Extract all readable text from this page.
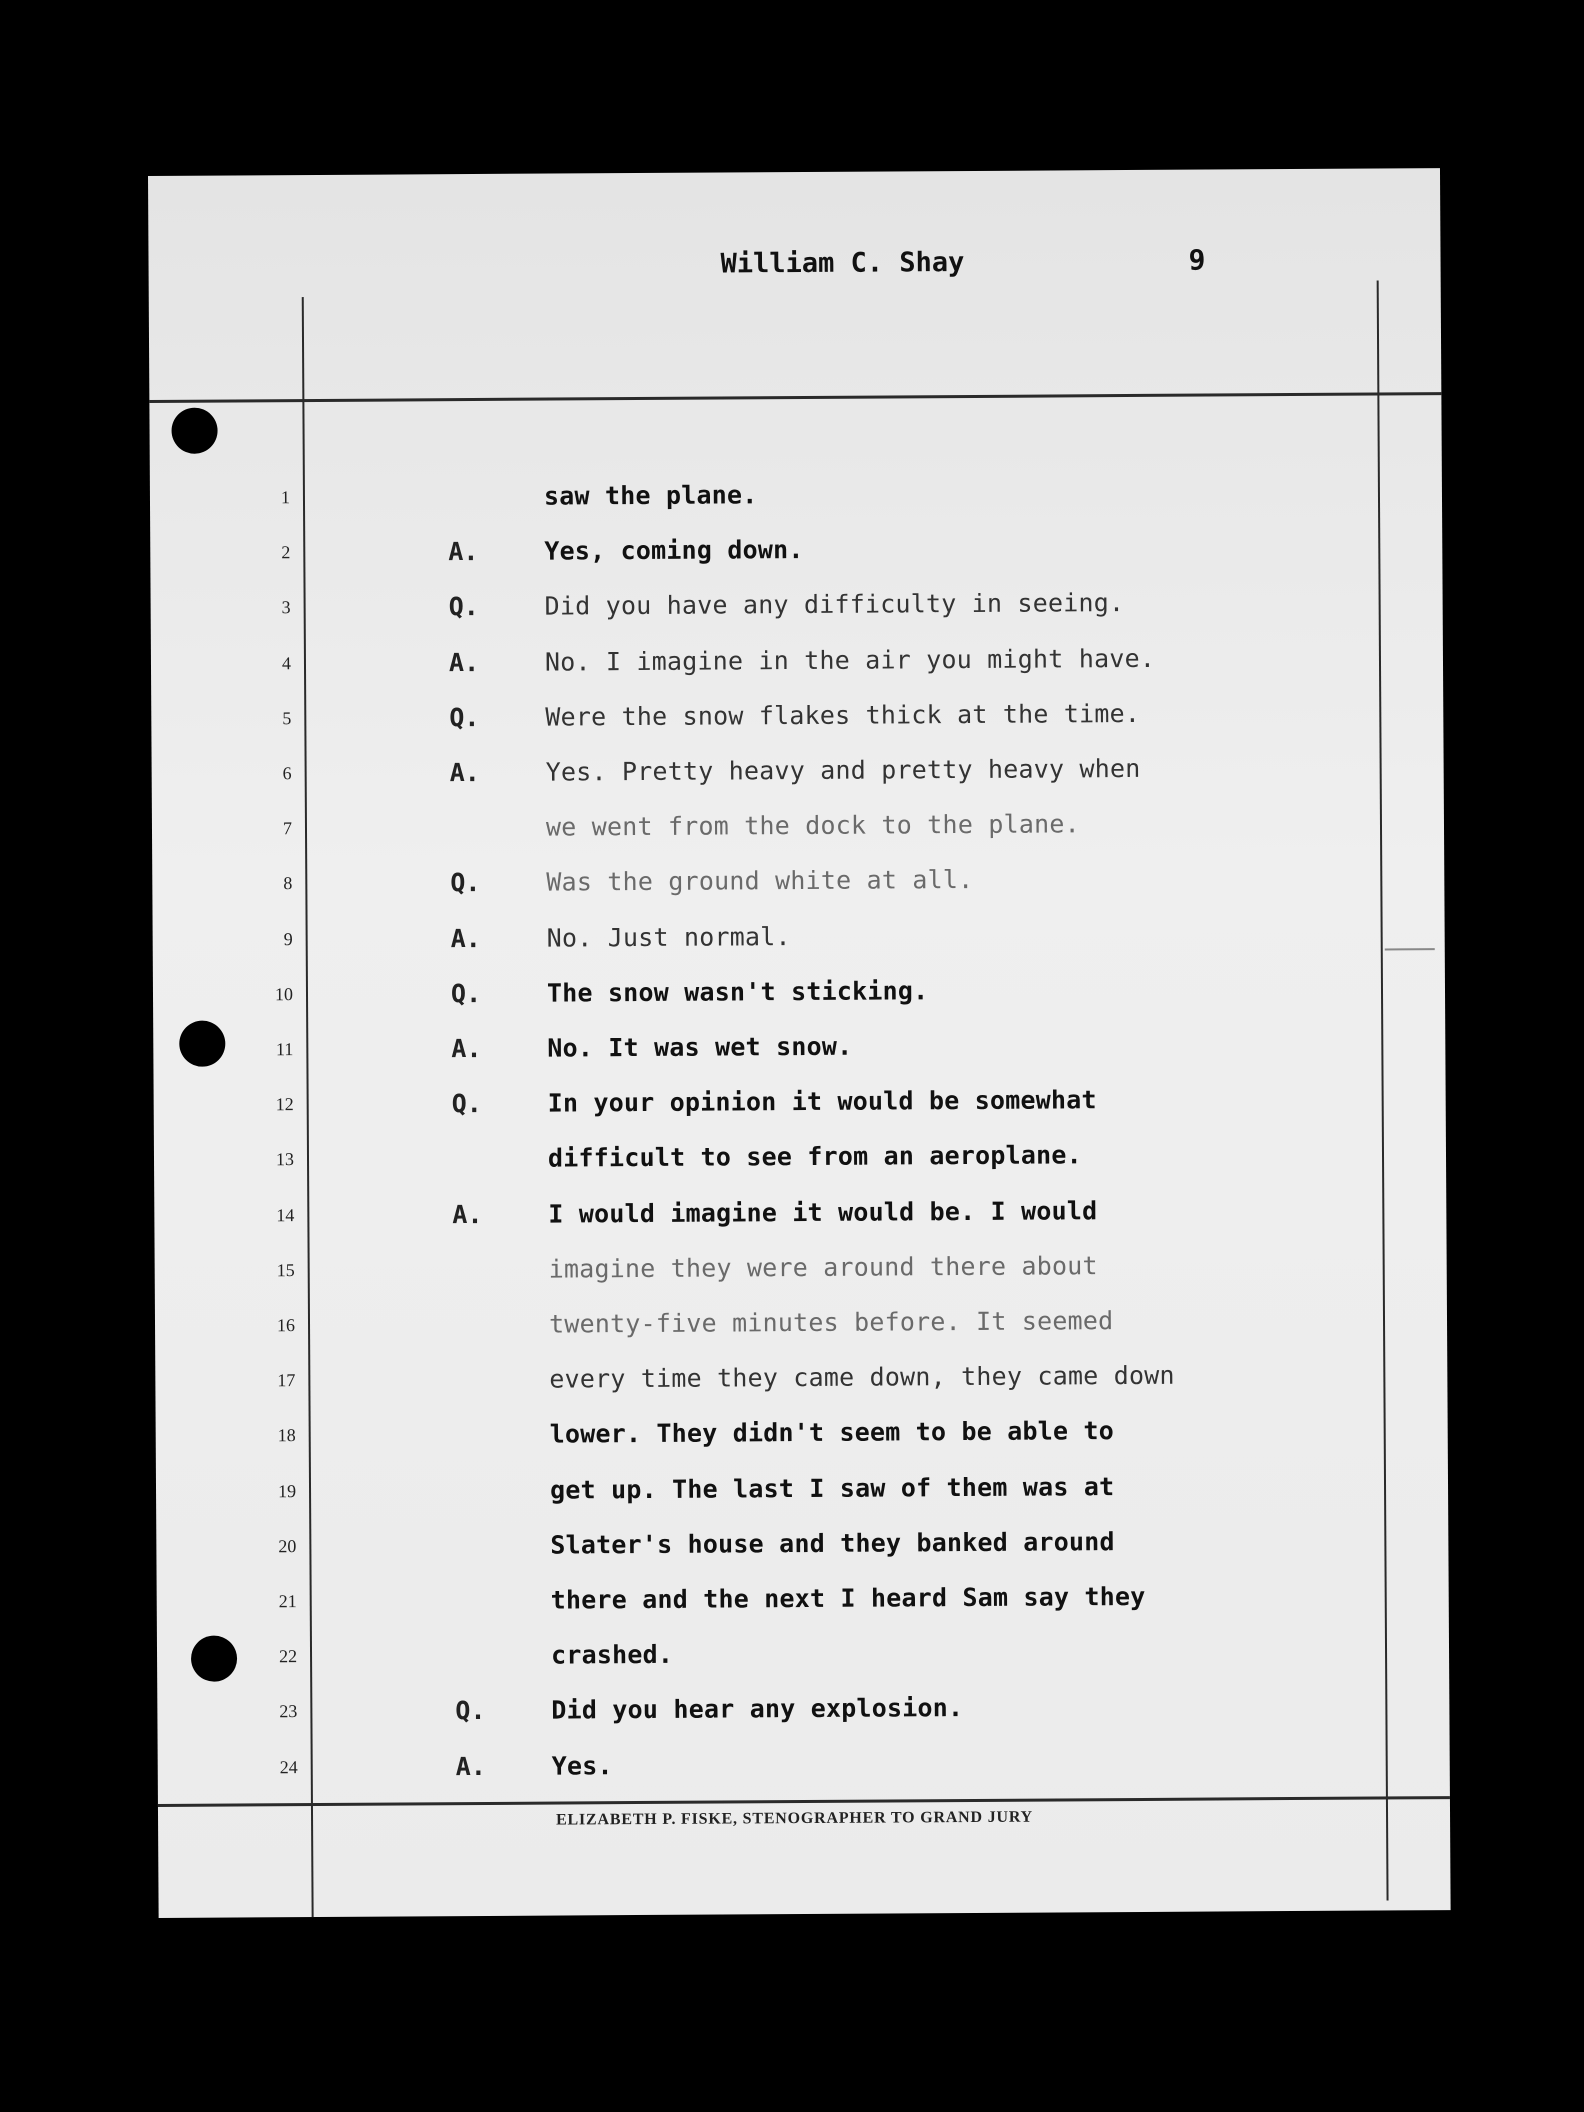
William C. Shay	9
1	saw the plane.
2	A.	Yes, coming down.
3	Q.	Did you have any difficulty in seeing.
4	A.	No. I imagine in the air you might have.
5	Q.	Were the snow flakes thick at the time.
6	A.	Yes. Pretty heavy and pretty heavy when
7	we went from the dock to the plane.
8	Q.	Was the ground white at all.
9	A.	No. Just normal.
10	Q.	The snow wasn't sticking.
11	A.	No. It was wet snow.
12	Q.	In your opinion it would be somewhat
13	difficult to see from an aeroplane.
14	A.	I would imagine it would be. I would
15	imagine they were around there about
16	twenty-five minutes before. It seemed
17	every time they came down, they came down
18	lower. They didn't seem to be able to
19	get up. The last I saw of them was at
20	Slater's house and they banked around
21	there and the next I heard Sam say they
22	crashed.
23	Q.	Did you hear any explosion.
24	A.	Yes.
ELIZABETH P. FISKE, STENOGRAPHER TO GRAND JURY
